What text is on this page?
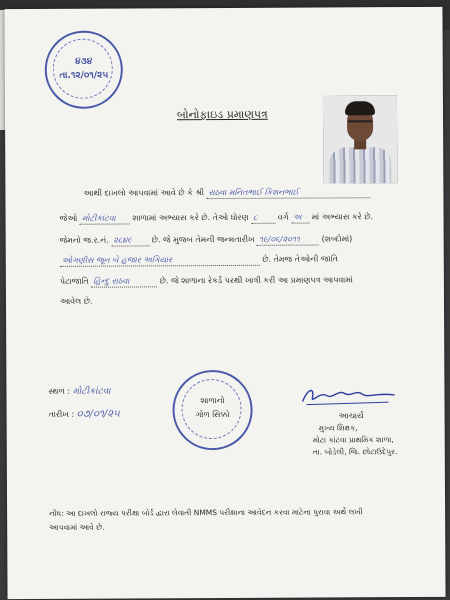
૪૩૪
તા.૧૨/૦૧/૨૫
બોનોફાઇડ પ્રમાણપત્ર
આથી દાખલો આપવામાં આવે છે કે શ્રી રાઠવા મનિતભાઈ કિશનભાઈ
જેઓ મોટીકાંટવા શાળામાં અભ્યાસ કરે છે. તેઓ ધોરણ ૮	વર્ગ અ માં અભ્યાસ કરે છે.
જેમનો જ.ર.નં. ૨૮૪૯ છે. જે મુજબ તેમની જન્મતારીખ ૧૯/૦૬/૨૦૧૧	(શબ્દોમાં)
ઓગણીસ જૂન બે હજાર અગિયાર	છે. તેમજ તેઓની જાતિ
પેટાજાતિ હિન્દુ રાઠવા	છે. જે શાળાના રેકર્ડ પરથી ખાત્રી કરી આ પ્રમાણપત્ર આપવામાં
આવેલ છે.
સ્થળ : મોટીકાંટવા
તારીખ : ૦૭/૦૧/૨૫
શાળાનો
ગોળ સિક્કો	આચાર્ય
મુખ્ય શિક્ષક,
મોટા કાંટવા પ્રાથમિક શાળા,
તા. બોડેલી, જિ. છોટાઉદેપુર.
નોંધ: આ દાખલો રાજ્ય પરીક્ષા બોર્ડ દ્વારા લેવાતી NMMS પરીક્ષાના આવેદન કરવા માટેના પુરાવા અર્થે લખી
આપવામાં આવે છે.
